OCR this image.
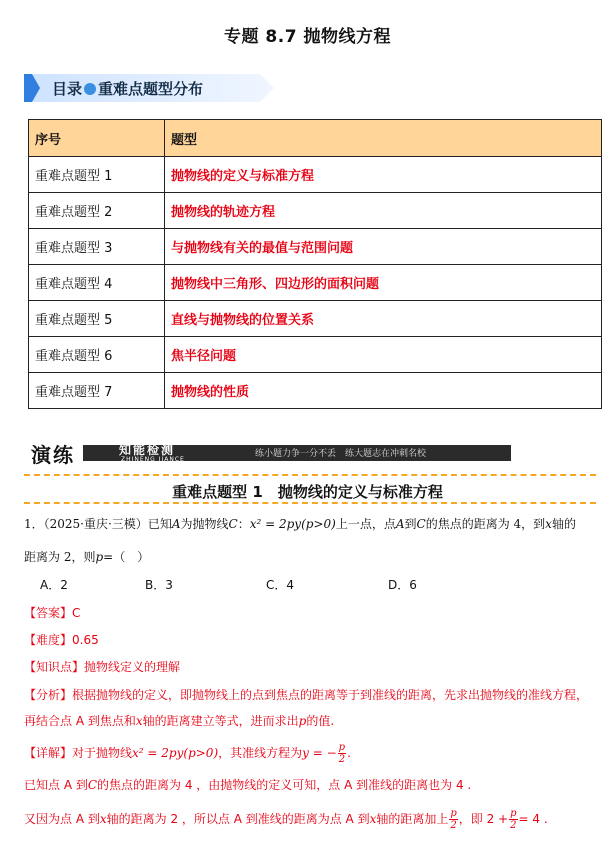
专题 8.7 抛物线方程
目录 重难点题型分布
序号	题型
重难点题型 1	抛物线的定义与标准方程
重难点题型 2	抛物线的轨迹方程
重难点题型 3	与抛物线有关的最值与范围问题
重难点题型 4	抛物线中三角形、四边形的面积问题
重难点题型 5	直线与抛物线的位置关系
重难点题型 6	焦半径问题
重难点题型 7	抛物线的性质
演练	知能检测
ZHINENG JIANCE
练小题力争一分不丢　练大题志在冲刺名校
重难点题型 1　抛物线的定义与标准方程
1．（2025·重庆·三模）已知A为抛物线C：x² = 2py(p>0)上一点，点A到C的焦点的距离为 4，到x轴的
距离为 2，则p=（　）
A．2	B．3	C．4	D．6
【答案】C
【难度】0.65
【知识点】抛物线定义的理解
【分析】根据抛物线的定义，即抛物线上的点到焦点的距离等于到准线的距离，先求出抛物线的准线方程，
再结合点 A 到焦点和x轴的距离建立等式，进而求出p的值.
【详解】对于抛物线x² = 2py(p>0)，其准线方程为y = − $\frac{p}{2}$ .
已知点 A 到C的焦点的距离为 4 ，由抛物线的定义可知，点 A 到准线的距离也为 4 .
又因为点 A 到x轴的距离为 2 ，所以点 A 到准线的距离为点 A 到x轴的距离加上 $\frac{p}{2}$ ，即 $2 + \frac{p}{2} = 4$ .
